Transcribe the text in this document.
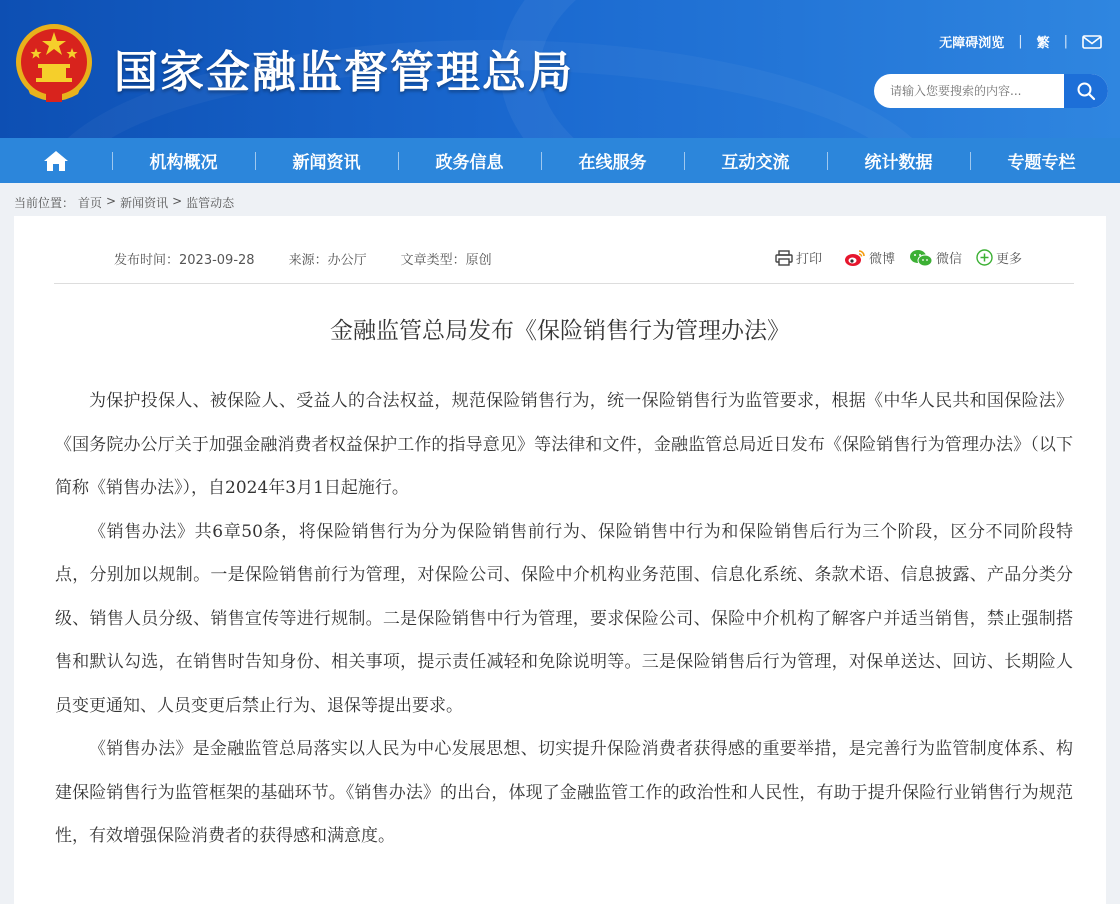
国家金融监督管理总局
无障碍浏览 | 繁 |
请输入您要搜索的内容...
机构概况	新闻资讯	政务信息	在线服务	互动交流	统计数据	专题专栏
当前位置： 首页 > 新闻资讯 > 监管动态
发布时间：2023-09-28	来源：办公厅	文章类型：原创	打印	微博	微信	更多
金融监管总局发布《保险销售行为管理办法》

为保护投保人、被保险人、受益人的合法权益，规范保险销售行为，统一保险销售行为监管要求，根据《中华人民共和国保险法》《国务院办公厅关于加强金融消费者权益保护工作的指导意见》等法律和文件，金融监管总局近日发布《保险销售行为管理办法》（以下简称《销售办法》），自2024年3月1日起施行。

《销售办法》共6章50条，将保险销售行为分为保险销售前行为、保险销售中行为和保险销售后行为三个阶段，区分不同阶段特点，分别加以规制。一是保险销售前行为管理，对保险公司、保险中介机构业务范围、信息化系统、条款术语、信息披露、产品分类分级、销售人员分级、销售宣传等进行规制。二是保险销售中行为管理，要求保险公司、保险中介机构了解客户并适当销售，禁止强制搭售和默认勾选，在销售时告知身份、相关事项，提示责任减轻和免除说明等。三是保险销售后行为管理，对保单送达、回访、长期险人员变更通知、人员变更后禁止行为、退保等提出要求。

《销售办法》是金融监管总局落实以人民为中心发展思想、切实提升保险消费者获得感的重要举措，是完善行为监管制度体系、构建保险销售行为监管框架的基础环节。《销售办法》的出台，体现了金融监管工作的政治性和人民性，有助于提升保险行业销售行为规范性，有效增强保险消费者的获得感和满意度。
